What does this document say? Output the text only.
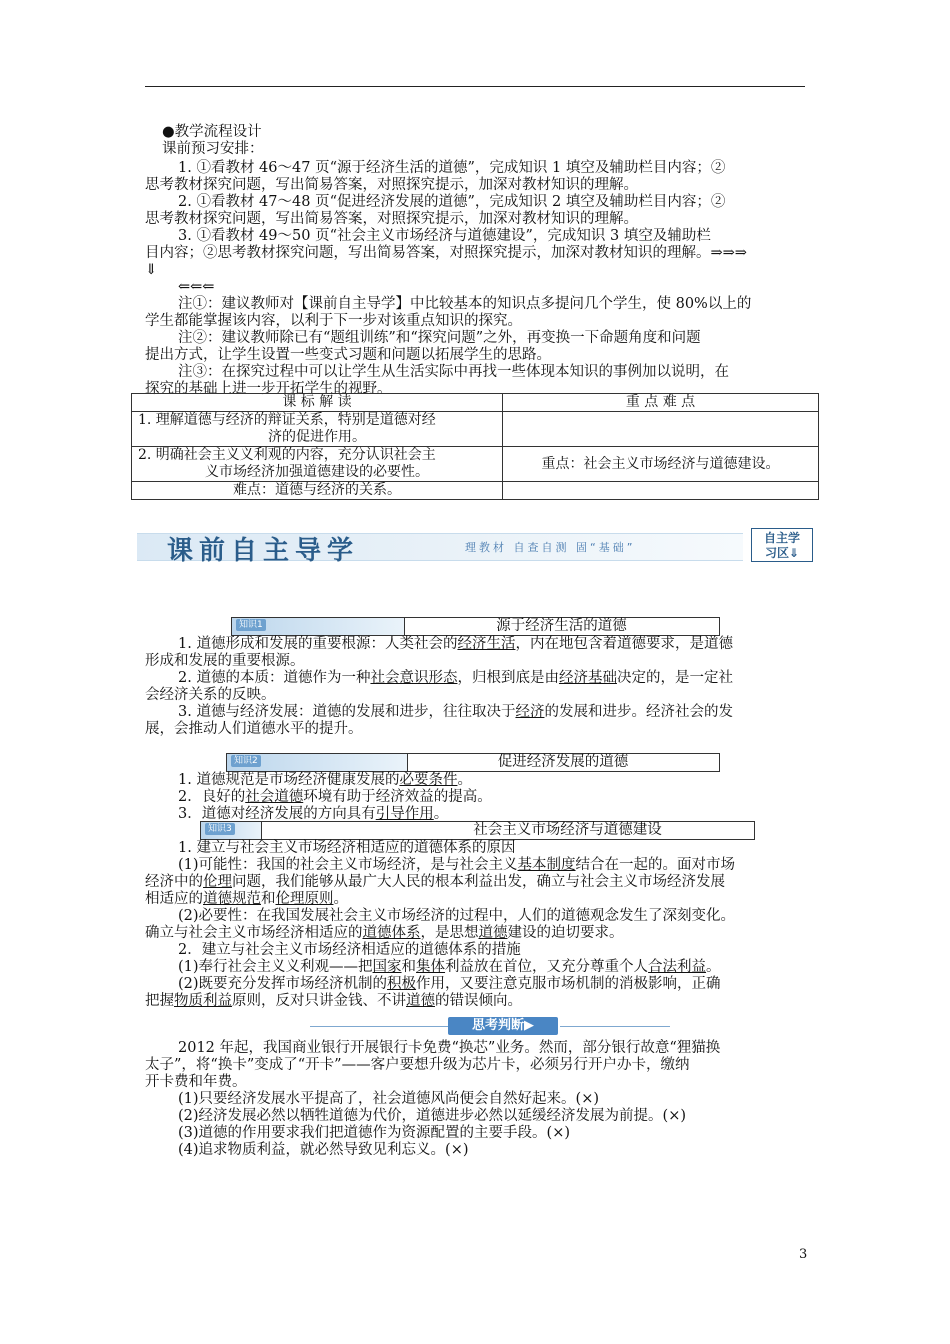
●教学流程设计
课前预习安排：
1. ①看教材 46～47 页“源于经济生活的道德”，完成知识 1 填空及辅助栏目内容；②
思考教材探究问题，写出简易答案，对照探究提示，加深对教材知识的理解。
2. ①看教材 47～48 页“促进经济发展的道德”，完成知识 2 填空及辅助栏目内容；②
思考教材探究问题，写出简易答案，对照探究提示，加深对教材知识的理解。
3. ①看教材 49～50 页“社会主义市场经济与道德建设”，完成知识 3 填空及辅助栏
目内容；②思考教材探究问题，写出简易答案，对照探究提示，加深对教材知识的理解。⇒⇒⇒
⇓
⇐⇐⇐
注①：建议教师对【课前自主导学】中比较基本的知识点多提问几个学生，使 80%以上的
学生都能掌握该内容，以利于下一步对该重点知识的探究。
注②：建议教师除已有“题组训练”和“探究问题”之外，再变换一下命题角度和问题
提出方式，让学生设置一些变式习题和问题以拓展学生的思路。
注③：在探究过程中可以让学生从生活实际中再找一些体现本知识的事例加以说明，在
探究的基础上进一步开拓学生的视野。
课 标 解 读	重 点 难 点

1. 理解道德与经济的辩证关系，特别是道德对经
济的促进作用。	

2. 明确社会主义义利观的内容，充分认识社会主
义市场经济加强道德建设的必要性。	重点：社会主义市场经济与道德建设。
难点：道德与经济的关系。	
课前自主导学	理教材 自查自测 固“基础”
自主学
习区⇓
知识1	源于经济生活的道德
1. 道德形成和发展的重要根源：人类社会的经济生活，内在地包含着道德要求，是道德
形成和发展的重要根源。
2. 道德的本质：道德作为一种社会意识形态，归根到底是由经济基础决定的，是一定社
会经济关系的反映。
3. 道德与经济发展：道德的发展和进步，往往取决于经济的发展和进步。经济社会的发
展，会推动人们道德水平的提升。
知识2	促进经济发展的道德
1. 道德规范是市场经济健康发展的必要条件。
2．良好的社会道德环境有助于经济效益的提高。
3．道德对经济发展的方向具有引导作用。
知识3	社会主义市场经济与道德建设
1. 建立与社会主义市场经济相适应的道德体系的原因
(1)可能性：我国的社会主义市场经济，是与社会主义基本制度结合在一起的。面对市场
经济中的伦理问题，我们能够从最广大人民的根本利益出发，确立与社会主义市场经济发展
相适应的道德规范和伦理原则。
(2)必要性：在我国发展社会主义市场经济的过程中，人们的道德观念发生了深刻变化。
确立与社会主义市场经济相适应的道德体系，是思想道德建设的迫切要求。
2．建立与社会主义市场经济相适应的道德体系的措施
(1)奉行社会主义义利观——把国家和集体利益放在首位，又充分尊重个人合法利益。
(2)既要充分发挥市场经济机制的积极作用，又要注意克服市场机制的消极影响，正确
把握物质利益原则，反对只讲金钱、不讲道德的错误倾向。
思考判断▶
2012 年起，我国商业银行开展银行卡免费“换芯”业务。然而，部分银行故意“狸猫换
太子”，将“换卡”变成了“开卡”——客户要想升级为芯片卡，必须另行开户办卡，缴纳
开卡费和年费。
(1)只要经济发展水平提高了，社会道德风尚便会自然好起来。(×)
(2)经济发展必然以牺牲道德为代价，道德进步必然以延缓经济发展为前提。(×)
(3)道德的作用要求我们把道德作为资源配置的主要手段。(×)
(4)追求物质利益，就必然导致见利忘义。(×)
3
